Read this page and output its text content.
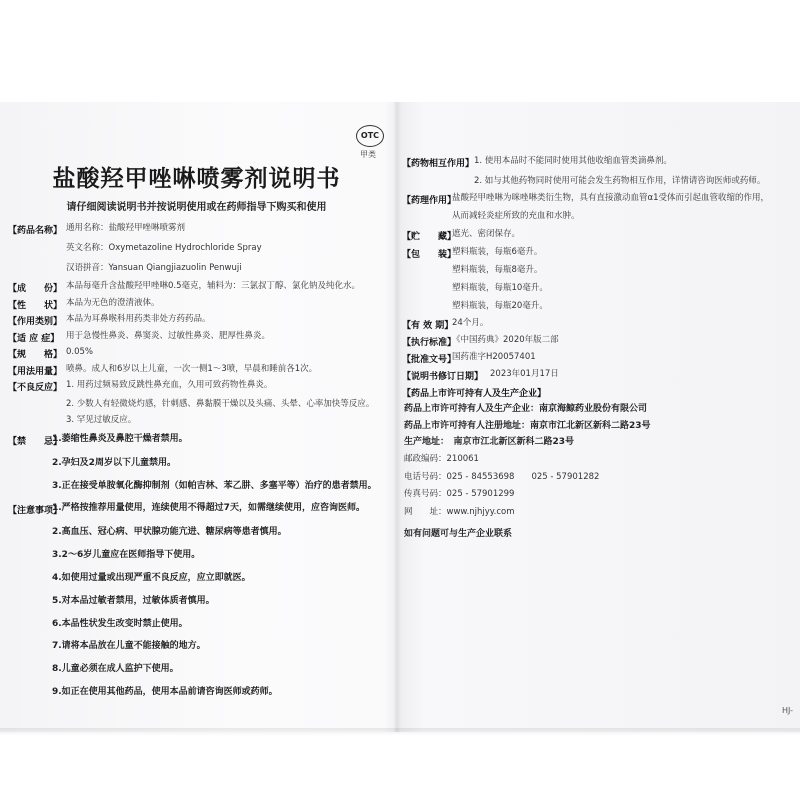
OTC
甲类
盐酸羟甲唑啉喷雾剂说明书
请仔细阅读说明书并按说明使用或在药师指导下购买和使用
【药品名称】 通用名称：盐酸羟甲唑啉喷雾剂
英文名称：Oxymetazoline Hydrochloride Spray
汉语拼音：Yansuan Qiangjiazuolin Penwuji
【成　　份】 本品每毫升含盐酸羟甲唑啉0.5毫克，辅料为：三氯叔丁醇、氯化钠及纯化水。
【性　　状】 本品为无色的澄清液体。
【作用类别】 本品为耳鼻喉科用药类非处方药药品。
【适 应 症】 用于急慢性鼻炎、鼻窦炎、过敏性鼻炎、肥厚性鼻炎。
【规　　格】 0.05%
【用法用量】 喷鼻。成人和6岁以上儿童，一次一侧1～3喷，早晨和睡前各1次。
【不良反应】 1. 用药过频易致反跳性鼻充血，久用可致药物性鼻炎。
2. 少数人有轻微烧灼感，针刺感、鼻黏膜干燥以及头痛、头晕、心率加快等反应。
3. 罕见过敏反应。
【禁　　忌】
1.萎缩性鼻炎及鼻腔干燥者禁用。
2.孕妇及2周岁以下儿童禁用。
3.正在接受单胺氧化酶抑制剂（如帕吉林、苯乙肼、多塞平等）治疗的患者禁用。
【注意事项】
1.严格按推荐用量使用，连续使用不得超过7天，如需继续使用，应咨询医师。
2.高血压、冠心病、甲状腺功能亢进、糖尿病等患者慎用。
3.2～6岁儿童应在医师指导下使用。
4.如使用过量或出现严重不良反应，应立即就医。
5.对本品过敏者禁用，过敏体质者慎用。
6.本品性状发生改变时禁止使用。
7.请将本品放在儿童不能接触的地方。
8.儿童必须在成人监护下使用。
9.如正在使用其他药品，使用本品前请咨询医师或药师。
【药物相互作用】 1. 使用本品时不能同时使用其他收缩血管类滴鼻剂。
2. 如与其他药物同时使用可能会发生药物相互作用，详情请咨询医师或药师。
【药理作用】
盐酸羟甲唑啉为咪唑啉类衍生物，具有直接激动血管α1受体而引起血管收缩的作用，
从而减轻炎症所致的充血和水肿。
【贮　　藏】
遮光、密闭保存。
【包　　装】
塑料瓶装，每瓶6毫升。
塑料瓶装，每瓶8毫升。
塑料瓶装，每瓶10毫升。
塑料瓶装，每瓶20毫升。
【有 效 期】
24个月。
【执行标准】
《中国药典》2020年版二部
【批准文号】
国药准字H20057401
【说明书修订日期】 2023年01月17日
【药品上市许可持有人及生产企业】
药品上市许可持有人及生产企业：南京海鲸药业股份有限公司
药品上市许可持有人注册地址：南京市江北新区新科二路23号
生产地址：　南京市江北新区新科二路23号
邮政编码：210061
电话号码：025 - 84553698　　025 - 57901282
传真号码：025 - 57901299
网　　址：www.njhjyy.com
如有问题可与生产企业联系
HJ-
